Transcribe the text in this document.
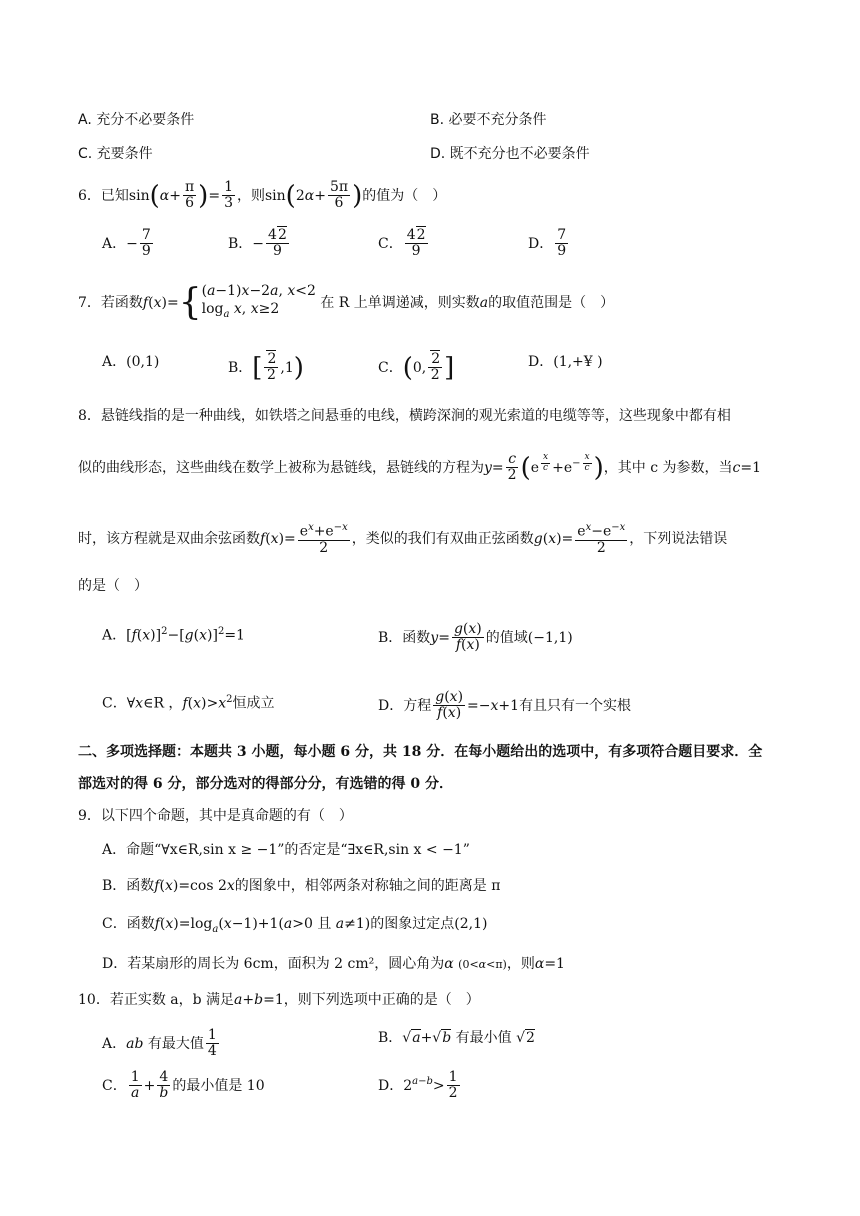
A. 充分不必要条件	B. 必要不充分条件
C. 充要条件	D. 既不充分也不必要条件
6．已知$\sin(\alpha+ \frac{\pi}{6}$ )= $\frac{1}{3}$ ，则$\sin(2\alpha+ \frac{5\pi}{6}$ )的值为（　）
A．− $\frac{7}{9}$	B．− $\frac{42}{9}$	C． $\frac{42}{9}$	D． $\frac{7}{9}$
7．若函数f(x)={ (a−1)x−2a, x<2
$\log_a x$, x≥2	在 R 上单调递减，则实数a的取值范围是（　）
A．(0,1)	B．[ $\frac{2}{2} ,1$)	C．(0, $\frac{2}{2}$ ]	D．(1,+¥ )
8．悬链线指的是一种曲线，如铁塔之间悬垂的电线，横跨深涧的观光索道的电缆等等，这些现象中都有相
似的曲线形态，这些曲线在数学上被称为悬链线，悬链线的方程为$y= \frac{c}{2} (e$ $^{\frac{x}{c}} +e^{- \frac{x}{c}}$ )，其中 c 为参数，当c=1
时，该方程就是双曲余弦函数$f(x)= \frac{e^x+e^{-x}}{2}$ ，类似的我们有双曲正弦函数$g(x)= \frac{e^x-e^{-x}}{2}$ ，下列说法错误
的是（　）
A．$[f(x)]^2-[g(x)]^2=1$	B．函数$y= \frac{g(x)}{f(x)}$ 的值域(−1,1)
C．∀x∈R ，$f(x)>x^2$恒成立	D．方程 $\frac{g(x)}{f(x)} =-x+1$有且只有一个实根
二、多项选择题：本题共 3 小题，每小题 6 分，共 18 分．在每小题给出的选项中，有多项符合题目要求．全
部选对的得 6 分，部分选对的得部分分，有选错的得 0 分．
9．以下四个命题，其中是真命题的有（　）
A．命题“∀x∈R,sin x ≥ −1”的否定是“∃x∈R,sin x < −1”
B．函数f(x)=cos 2x的图象中，相邻两条对称轴之间的距离是 π
C．函数$f(x)=\log_a(x-1)+1(a>0$ 且 a≠1)的图象过定点(2,1)
D．若某扇形的周长为 6cm，面积为 2 cm²，圆心角为α (0<α<π)，则α=1
10．若正实数 a，b 满足a+b=1，则下列选项中正确的是（　）
A．ab 有最大值 $\frac{1}{4}$	B．√a+√b 有最小值 √2
C． $\frac{1}{a} + \frac{4}{b}$ 的最小值是 10	D．$2^{a-b}> \frac{1}{2}$
